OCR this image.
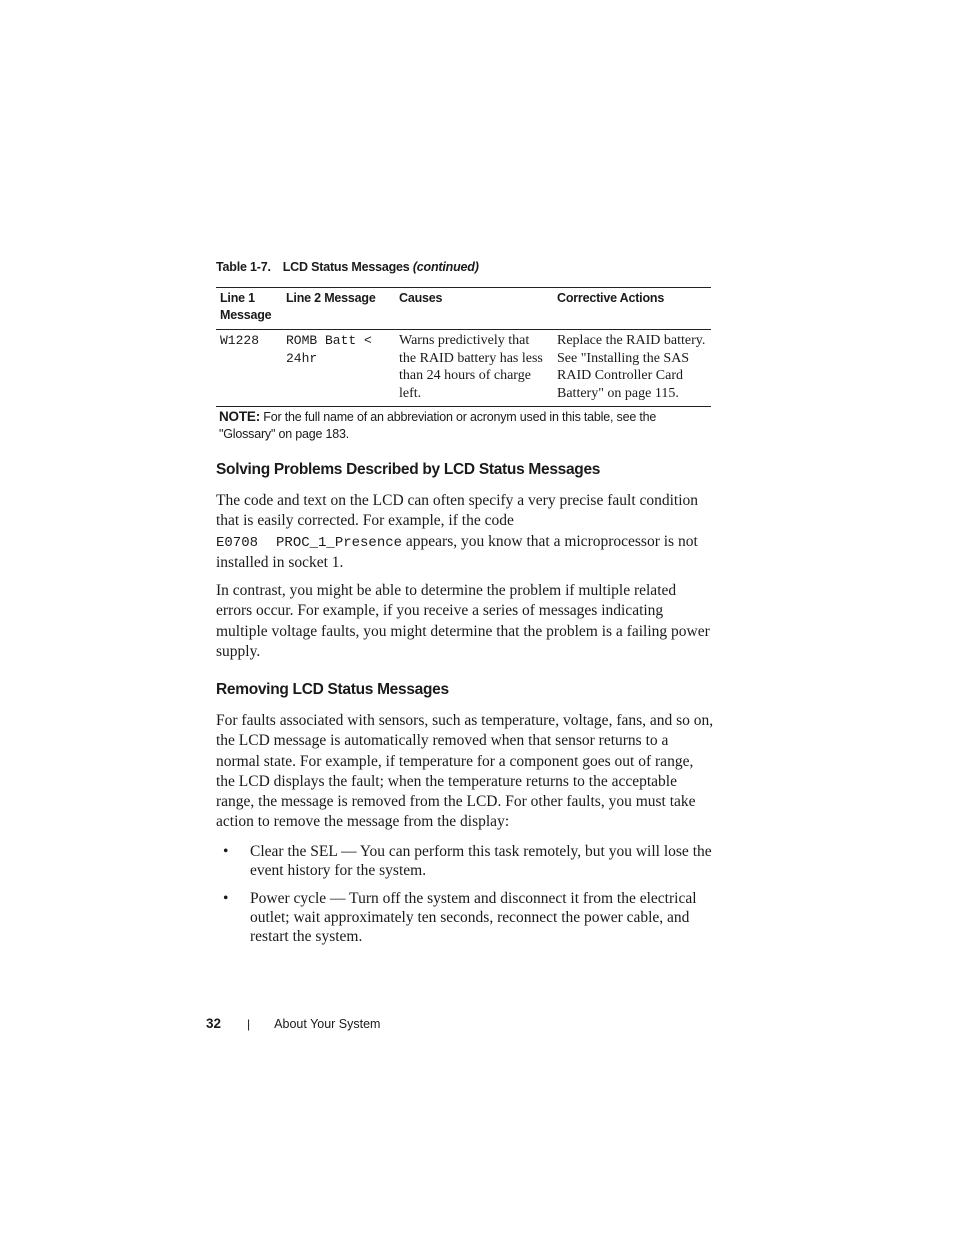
Table 1-7. LCD Status Messages (continued)
Line 1 Message	Line 2 Message	Causes	Corrective Actions
W1228	ROMB Batt < 24hr	Warns predictively that the RAID battery has less than 24 hours of charge left.	Replace the RAID battery. See "Installing the SAS RAID Controller Card Battery" on page 115.
NOTE: For the full name of an abbreviation or acronym used in this table, see the "Glossary" on page 183.
Solving Problems Described by LCD Status Messages
The code and text on the LCD can often specify a very precise fault condition that is easily corrected. For example, if the code
E0708 PROC_1_Presence appears, you know that a microprocessor is not installed in socket 1.
In contrast, you might be able to determine the problem if multiple related errors occur. For example, if you receive a series of messages indicating multiple voltage faults, you might determine that the problem is a failing power supply.
Removing LCD Status Messages
For faults associated with sensors, such as temperature, voltage, fans, and so on, the LCD message is automatically removed when that sensor returns to a normal state. For example, if temperature for a component goes out of range, the LCD displays the fault; when the temperature returns to the acceptable range, the message is removed from the LCD. For other faults, you must take action to remove the message from the display:
• Clear the SEL — You can perform this task remotely, but you will lose the event history for the system.
• Power cycle — Turn off the system and disconnect it from the electrical outlet; wait approximately ten seconds, reconnect the power cable, and restart the system.
32 | About Your System
